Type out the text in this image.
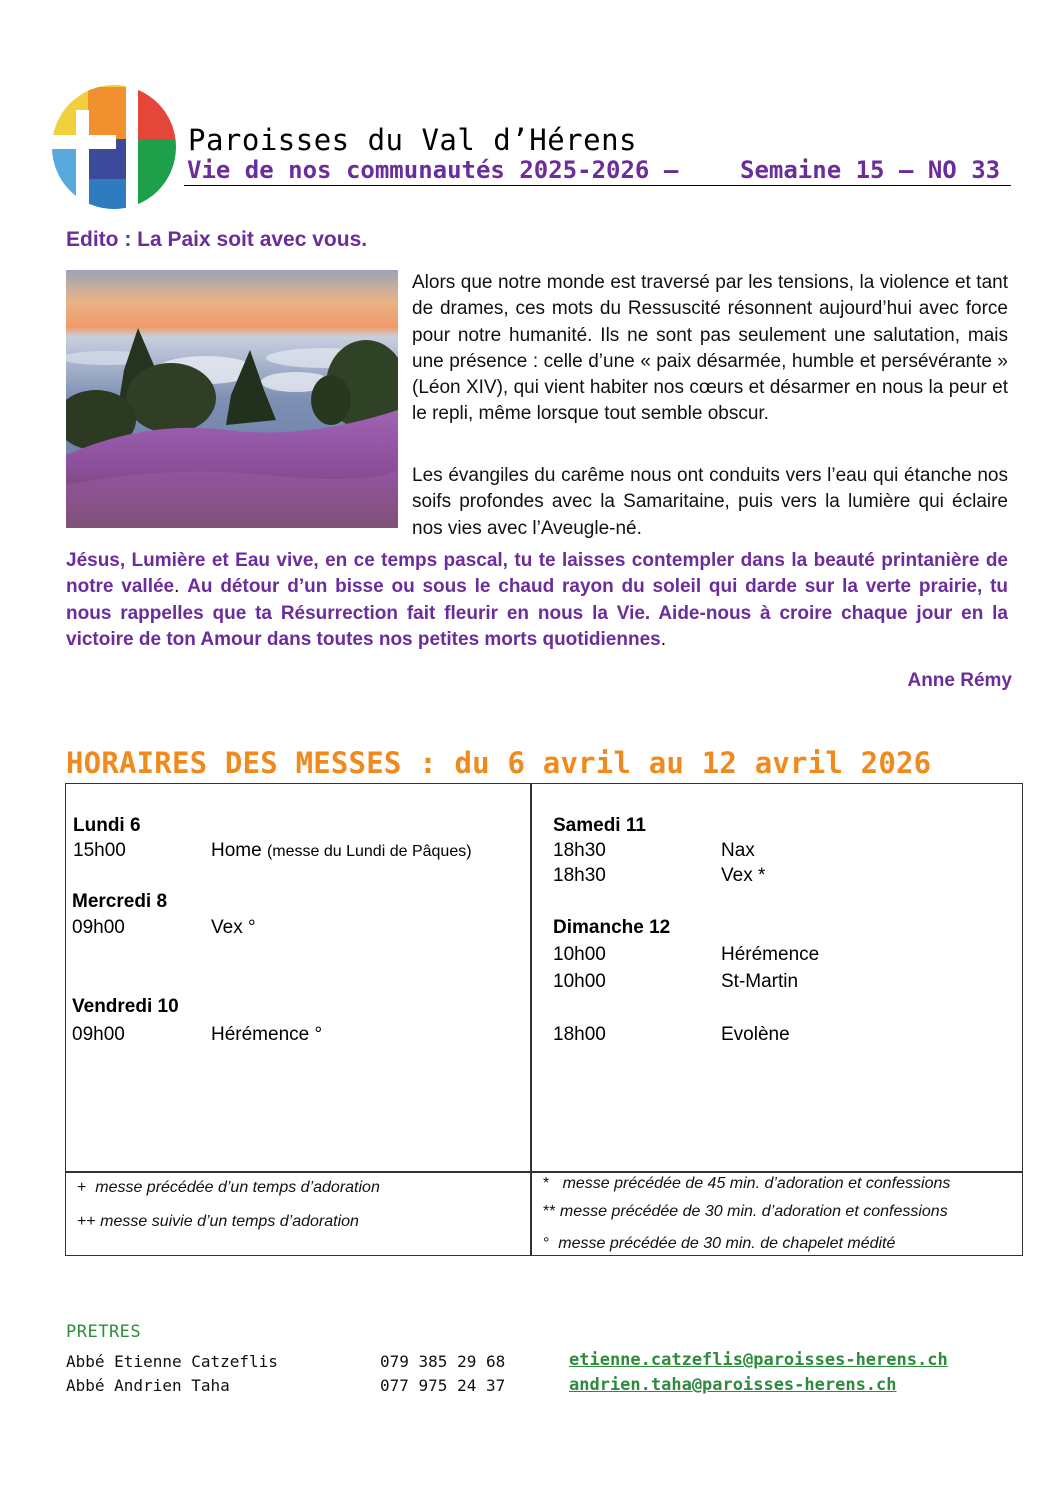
Paroisses du Val d’Hérens
Vie de nos communautés 2025-2026 –	Semaine 15 – NO 33
Edito : La Paix soit avec vous.
Alors que notre monde est traversé par les tensions, la violence et tant de drames, ces mots du Ressuscité résonnent aujourd’hui avec force pour notre humanité. Ils ne sont pas seulement une salutation, mais une présence : celle d’une « paix désarmée, humble et persévérante » (Léon XIV), qui vient habiter nos cœurs et désarmer en nous la peur et le repli, même lorsque tout semble obscur.
Les évangiles du carême nous ont conduits vers l’eau qui étanche nos soifs profondes avec la Samaritaine, puis vers la lumière qui éclaire nos vies avec l’Aveugle-né.
Jésus, Lumière et Eau vive, en ce temps pascal, tu te laisses contempler dans la beauté printanière de notre vallée. Au détour d’un bisse ou sous le chaud rayon du soleil qui darde sur la verte prairie, tu nous rappelles que ta Résurrection fait fleurir en nous la Vie. Aide-nous à croire chaque jour en la victoire de ton Amour dans toutes nos petites morts quotidiennes.
Anne Rémy
HORAIRES DES MESSES : du 6 avril au 12 avril 2026
Lundi 6
15h00	Home (messe du Lundi de Pâques)
Mercredi 8
09h00	Vex °
Vendredi 10
09h00	Hérémence °
Samedi 11
18h30	Nax
18h30	Vex *
Dimanche 12
10h00	Hérémence
10h00	St-Martin
18h00	Evolène
+ messe précédée d’un temps d’adoration
++ messe suivie d’un temps d’adoration
* messe précédée de 45 min. d’adoration et confessions
** messe précédée de 30 min. d’adoration et confessions
° messe précédée de 30 min. de chapelet médité
PRETRES
Abbé Etienne Catzeflis	079 385 29 68	etienne.catzeflis@paroisses-herens.ch
Abbé Andrien Taha	077 975 24 37	andrien.taha@paroisses-herens.ch
